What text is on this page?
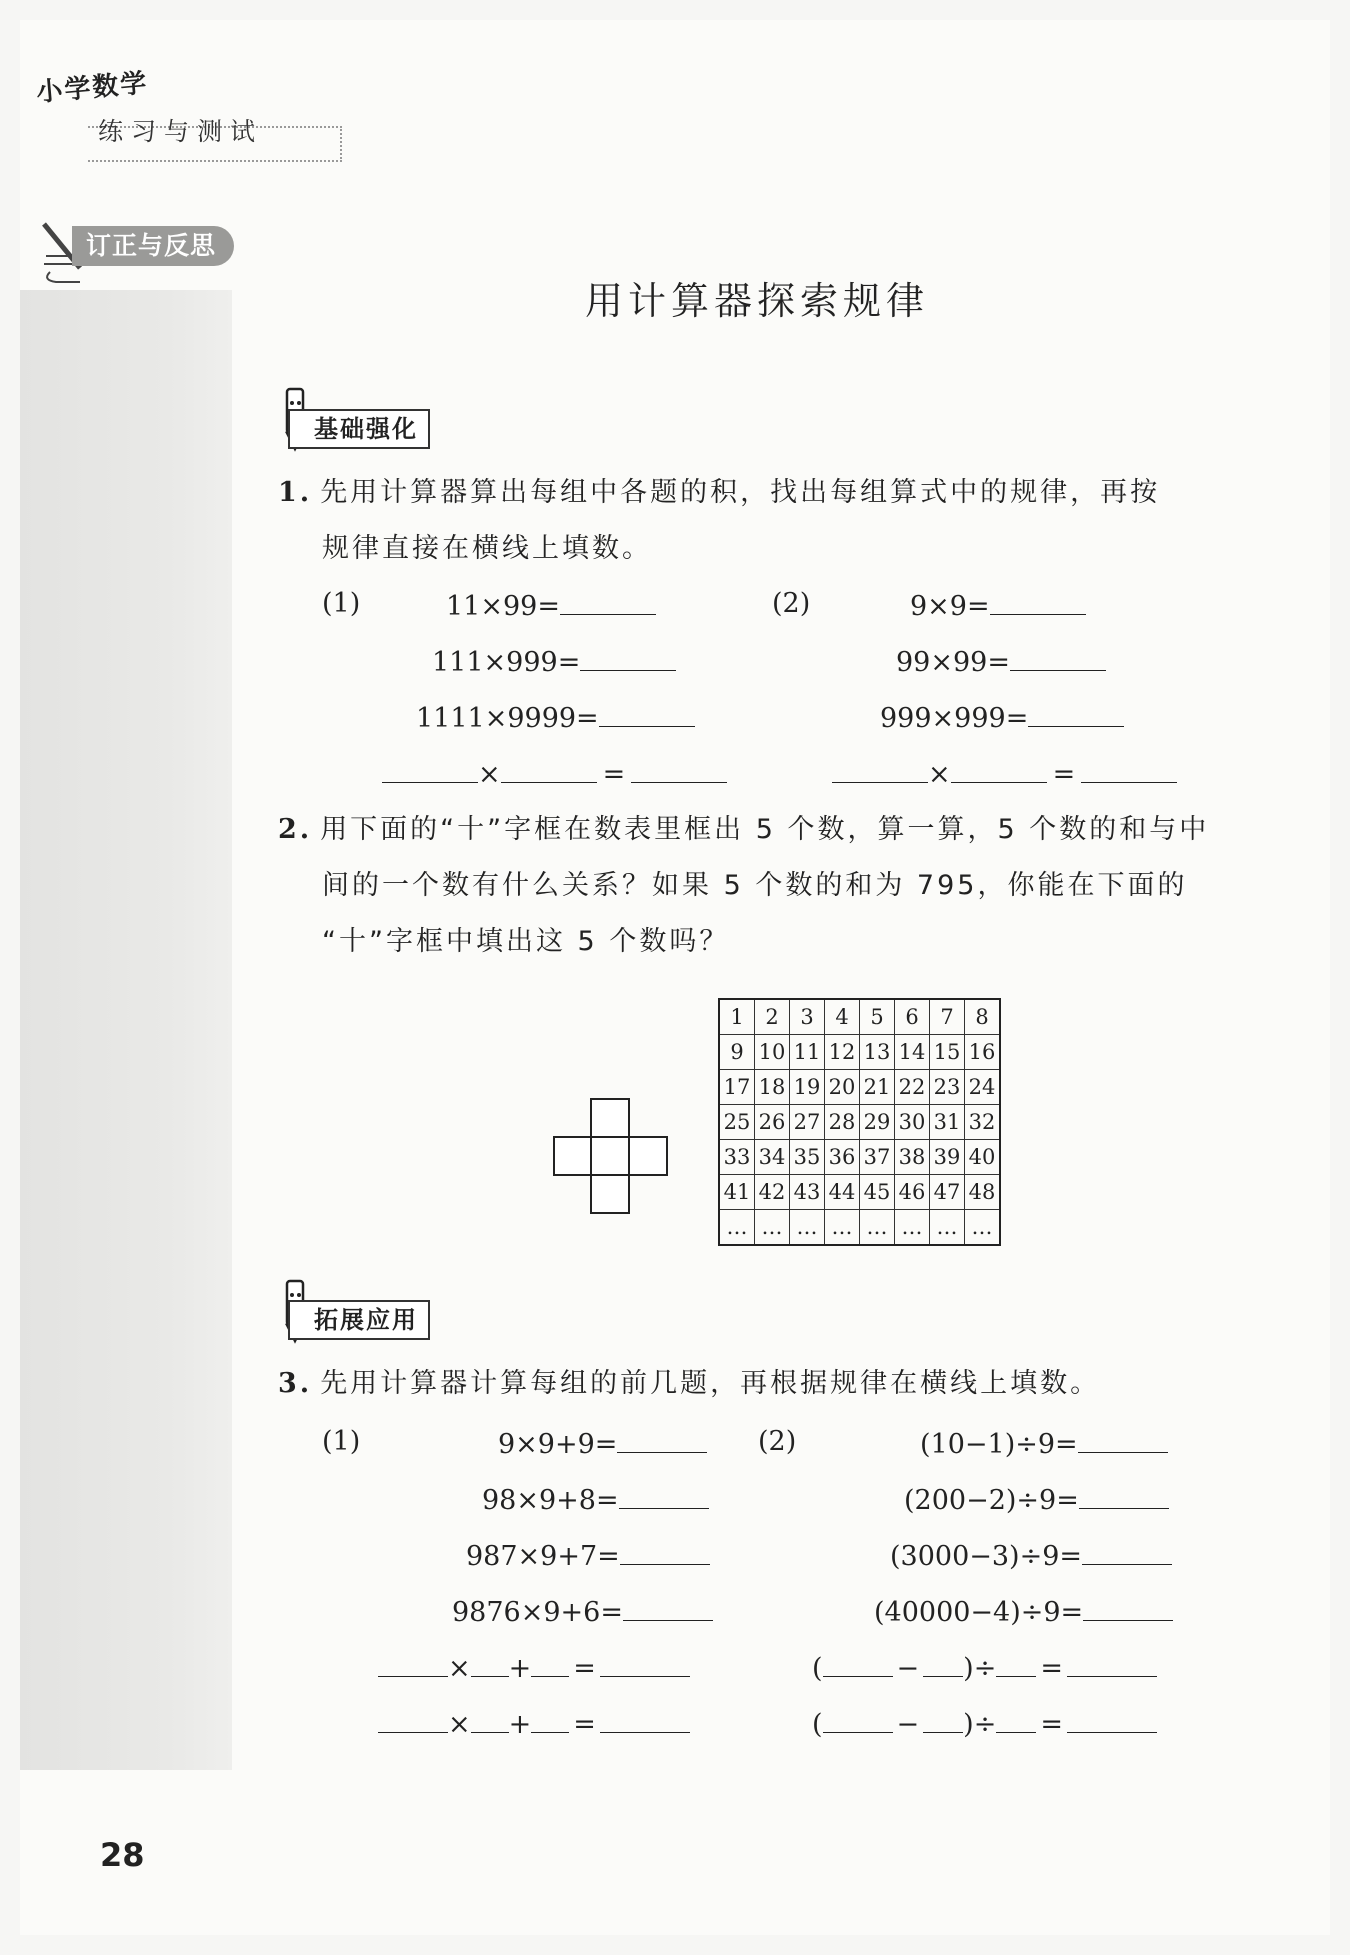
小学数学
练习与测试
订正与反思
用计算器探索规律
基础强化
1. 先用计算器算出每组中各题的积，找出每组算式中的规律，再按
规律直接在横线上填数。
(1)	(2)
11×99=
111×999=
1111×9999=
×	=
9×9=
99×99=
999×999=
×	=
2. 用下面的“十”字框在数表里框出 5 个数，算一算，5 个数的和与中
间的一个数有什么关系？如果 5 个数的和为 795，你能在下面的
“十”字框中填出这 5 个数吗？
1	2	3	4	5	6	7	8
9	10	11	12	13	14	15	16
17	18	19	20	21	22	23	24
25	26	27	28	29	30	31	32
33	34	35	36	37	38	39	40
41	42	43	44	45	46	47	48
…	…	…	…	…	…	…	…
拓展应用
3. 先用计算器计算每组的前几题，再根据规律在横线上填数。
(1)	(2)
9×9+9=
98×9+8=
987×9+7=
9876×9+6=
× + =
× + =
(10−1)÷9=
(200−2)÷9=
(3000−3)÷9=
(40000−4)÷9=
(	− )÷ =
(	− )÷ =
28
